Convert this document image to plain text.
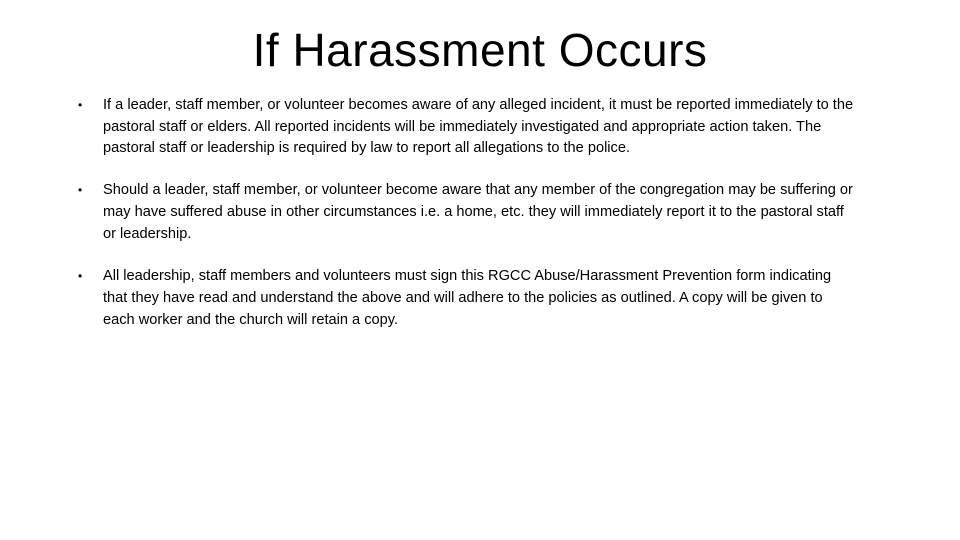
If Harassment Occurs
• If a leader, staff member, or volunteer becomes aware of any alleged incident, it must be reported immediately to the pastoral staff or elders. All reported incidents will be immediately investigated and appropriate action taken. The pastoral staff or leadership is required by law to report all allegations to the police.
• Should a leader, staff member, or volunteer become aware that any member of the congregation may be suffering or may have suffered abuse in other circumstances i.e. a home, etc. they will immediately report it to the pastoral staff or leadership.
• All leadership, staff members and volunteers must sign this RGCC Abuse/Harassment Prevention form indicating that they have read and understand the above and will adhere to the policies as outlined. A copy will be given to each worker and the church will retain a copy.
